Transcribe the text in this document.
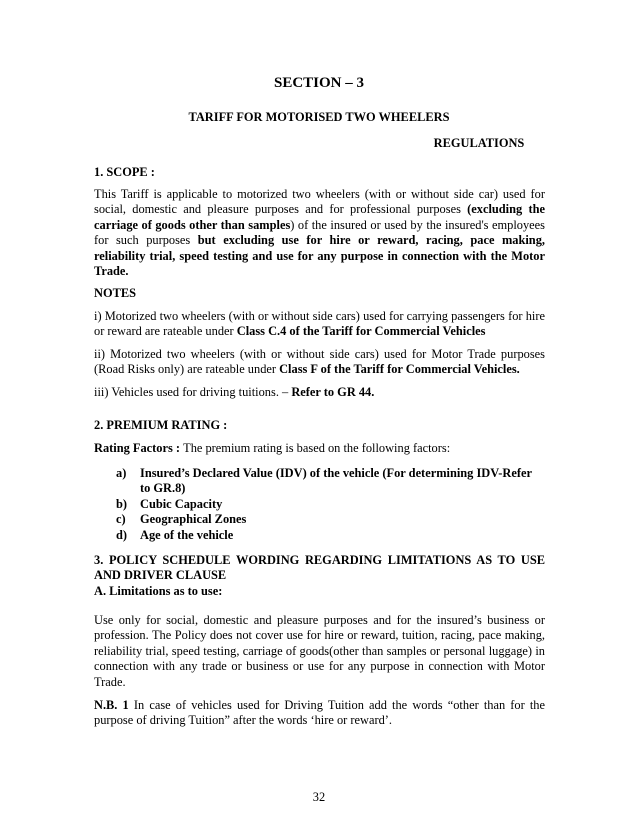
SECTION – 3
TARIFF FOR MOTORISED TWO WHEELERS
REGULATIONS
1. SCOPE :
This Tariff is applicable to motorized two wheelers (with or without side car) used for social, domestic and pleasure purposes and for professional purposes (excluding the carriage of goods other than samples) of the insured or used by the insured's employees for such purposes but excluding use for hire or reward, racing, pace making, reliability trial, speed testing and use for any purpose in connection with the Motor Trade.
NOTES
i) Motorized two wheelers (with or without side cars) used for carrying passengers for hire or reward are rateable under Class C.4 of the Tariff for Commercial Vehicles
ii) Motorized two wheelers (with or without side cars) used for Motor Trade purposes (Road Risks only) are rateable under Class F of the Tariff for Commercial Vehicles.
iii) Vehicles used for driving tuitions. – Refer to GR 44.
2. PREMIUM RATING :
Rating Factors : The premium rating is based on the following factors:
a) Insured’s Declared Value (IDV) of the vehicle (For determining IDV-Refer to GR.8)
b) Cubic Capacity
c) Geographical Zones
d) Age of the vehicle
3. POLICY SCHEDULE WORDING REGARDING LIMITATIONS AS TO USE AND DRIVER CLAUSE
A. Limitations as to use:
Use only for social, domestic and pleasure purposes and for the insured’s business or profession. The Policy does not cover use for hire or reward, tuition, racing, pace making, reliability trial, speed testing, carriage of goods(other than samples or personal luggage) in connection with any trade or business or use for any purpose in connection with Motor Trade.
N.B. 1 In case of vehicles used for Driving Tuition add the words “other than for the purpose of driving Tuition” after the words ‘hire or reward’.
32
